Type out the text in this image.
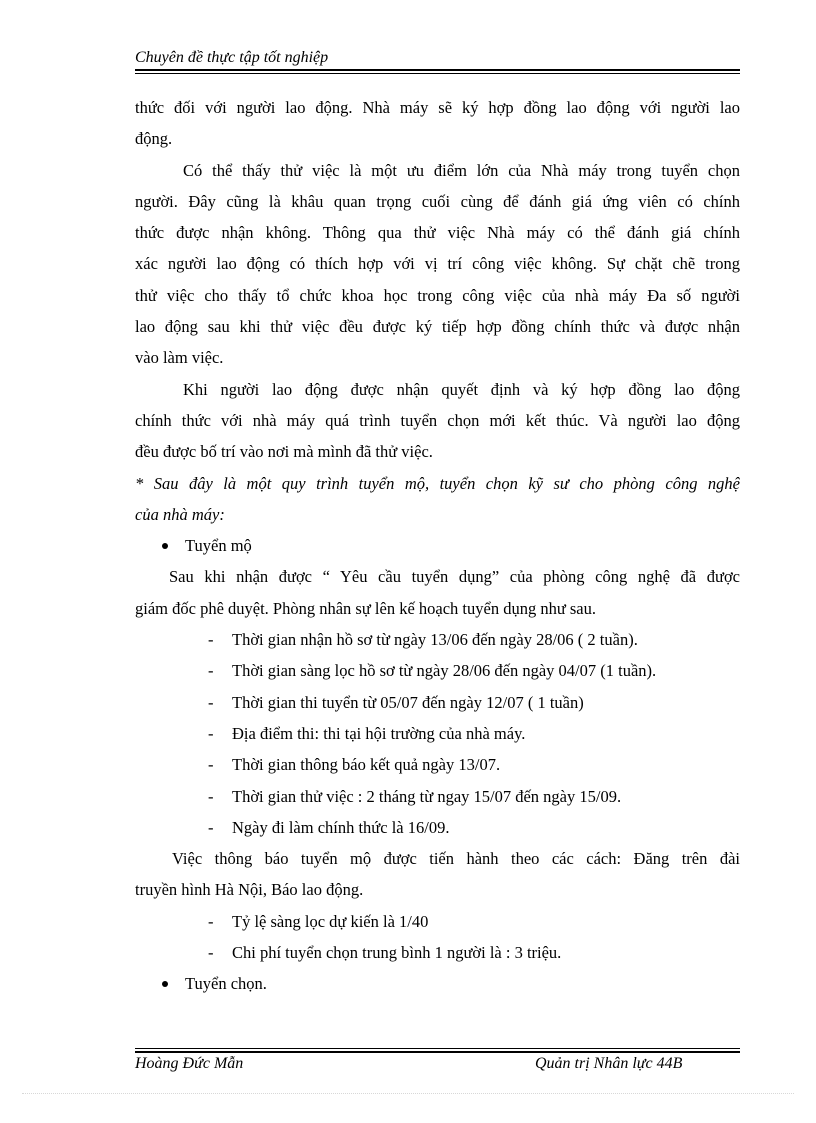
Chuyên đề thực tập tốt nghiệp
thức đối với người lao động. Nhà máy sẽ ký hợp đồng lao động với người lao
động.
Có thể thấy thử việc là một ưu điểm lớn của Nhà máy trong tuyển chọn
người. Đây cũng là khâu quan trọng cuối cùng để đánh giá ứng viên có chính
thức được nhận không. Thông qua thử việc Nhà máy có thể đánh giá chính
xác người lao động có thích hợp với vị trí công việc không. Sự chặt chẽ trong
thử việc cho thấy tổ chức khoa học trong công việc của nhà máy Đa số người
lao động sau khi thử việc đều được ký tiếp hợp đồng chính thức và được nhận
vào làm việc.
Khi người lao động được nhận quyết định và ký hợp đồng lao động
chính thức với nhà máy quá trình tuyển chọn mới kết thúc. Và người lao động
đều được bố trí vào nơi mà mình đã thử việc.
* Sau đây là một quy trình tuyển mộ, tuyển chọn kỹ sư cho phòng công nghệ
của nhà máy:
Tuyển mộ
Sau khi nhận được “ Yêu cầu tuyển dụng” của phòng công nghệ đã được
giám đốc phê duyệt. Phòng nhân sự lên kế hoạch tuyển dụng như sau.
- Thời gian nhận hồ sơ từ ngày 13/06 đến ngày 28/06 ( 2 tuần).
- Thời gian sàng lọc hồ sơ từ ngày 28/06 đến ngày 04/07 (1 tuần).
- Thời gian thi tuyển từ 05/07 đến ngày 12/07 ( 1 tuần)
- Địa điểm thi: thi tại hội trường của nhà máy.
- Thời gian thông báo kết quả ngày 13/07.
- Thời gian thử việc : 2 tháng từ ngay 15/07 đến ngày 15/09.
- Ngày đi làm chính thức là 16/09.
Việc thông báo tuyển mộ được tiến hành theo các cách: Đăng trên đài
truyền hình Hà Nội, Báo lao động.
- Tỷ lệ sàng lọc dự kiến là 1/40
- Chi phí tuyển chọn trung bình 1 người là : 3 triệu.
Tuyển chọn.
Hoàng Đức Mẫn	Quản trị Nhân lực 44B
